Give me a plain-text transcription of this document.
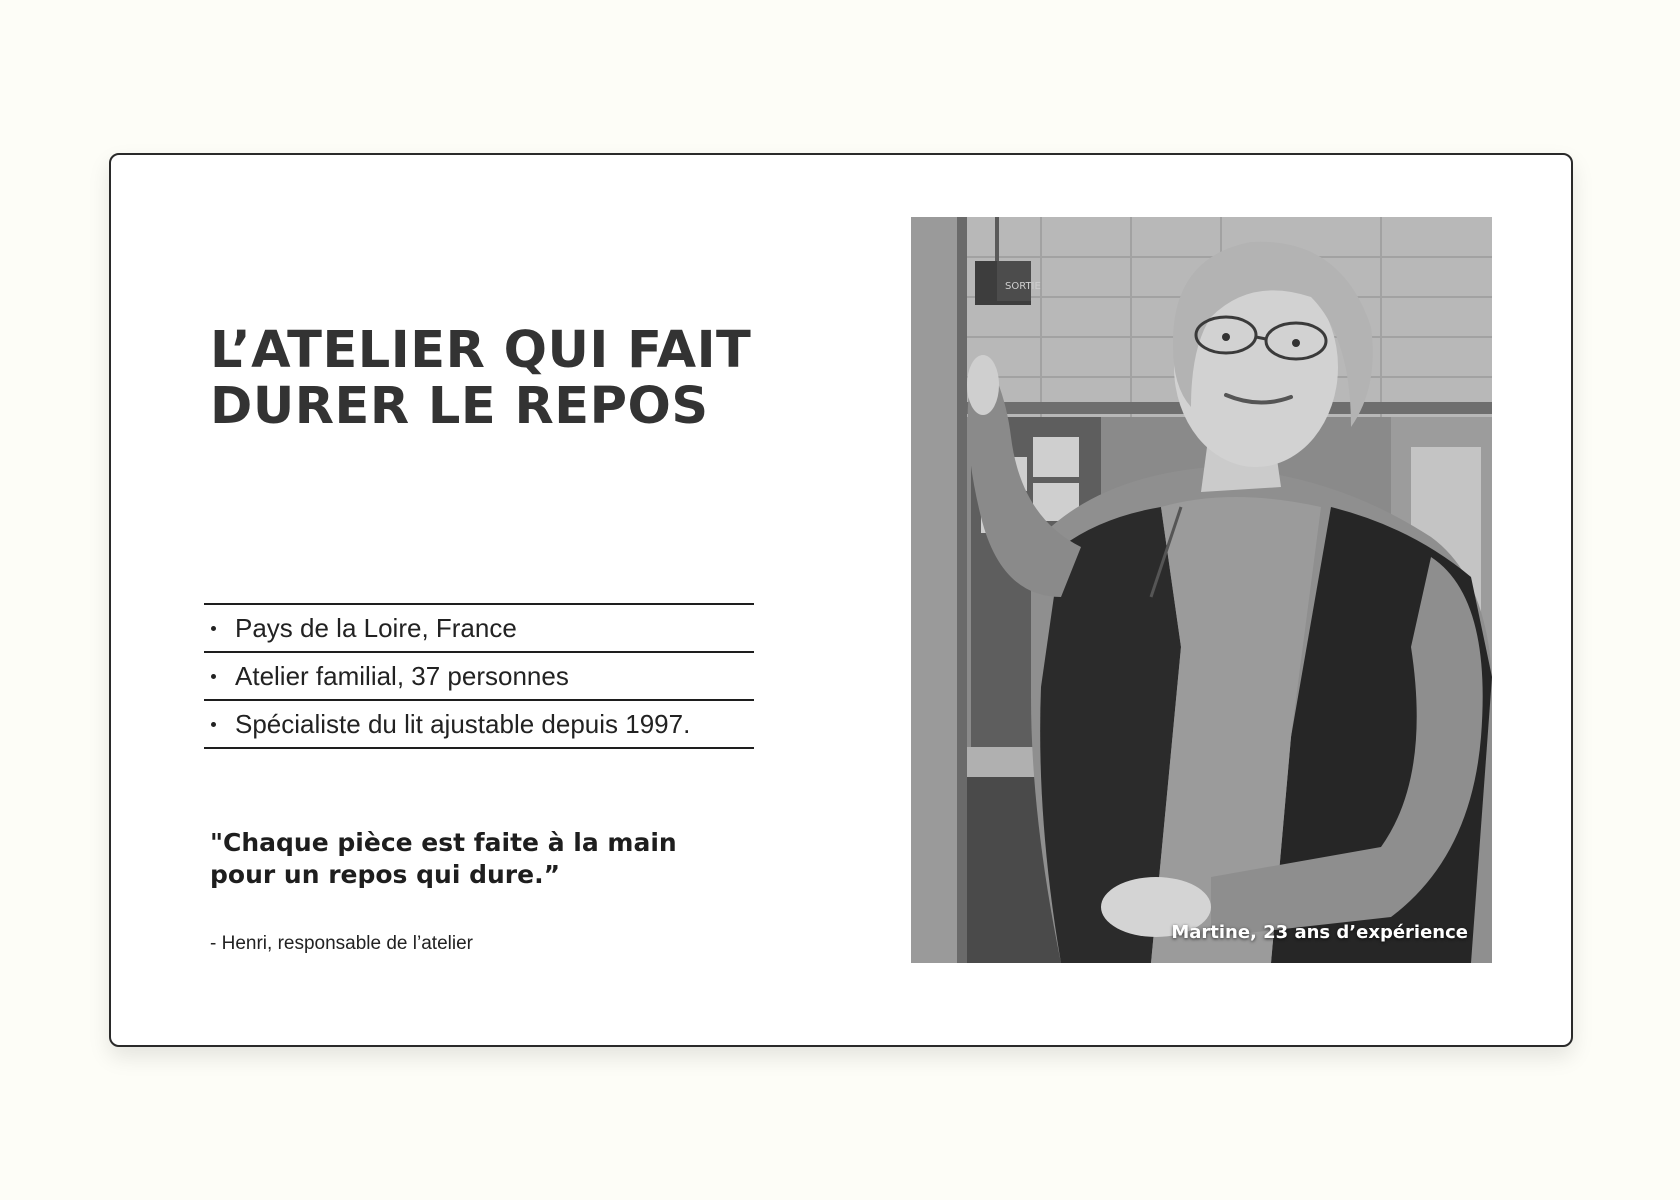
L’ATELIER QUI FAIT
DURER LE REPOS
Pays de la Loire, France
Atelier familial, 37 personnes
Spécialiste du lit ajustable depuis 1997.

"Chaque pièce est faite à la main
pour un repos qui dure.”

- Henri, responsable de l’atelier
SORTIE
Martine, 23 ans d’expérience
